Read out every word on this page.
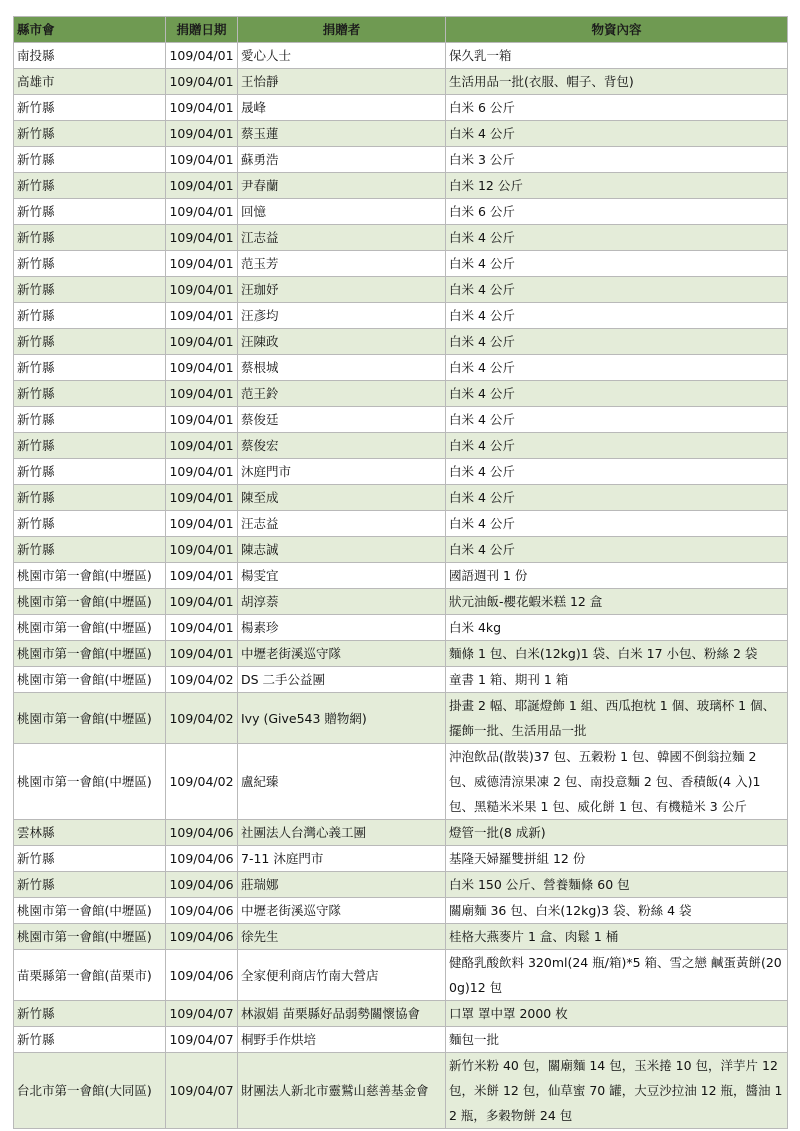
縣市會	捐贈日期	捐贈者	物資內容
南投縣	109/04/01	愛心人士	保久乳一箱
高雄市	109/04/01	王怡靜	生活用品一批(衣服、帽子、背包)
新竹縣	109/04/01	晟峰	白米 6 公斤
新竹縣	109/04/01	蔡玉蓮	白米 4 公斤
新竹縣	109/04/01	蘇勇浩	白米 3 公斤
新竹縣	109/04/01	尹春蘭	白米 12 公斤
新竹縣	109/04/01	回憶	白米 6 公斤
新竹縣	109/04/01	江志益	白米 4 公斤
新竹縣	109/04/01	范玉芳	白米 4 公斤
新竹縣	109/04/01	汪珈妤	白米 4 公斤
新竹縣	109/04/01	汪彥均	白米 4 公斤
新竹縣	109/04/01	汪陳政	白米 4 公斤
新竹縣	109/04/01	蔡根城	白米 4 公斤
新竹縣	109/04/01	范王鈴	白米 4 公斤
新竹縣	109/04/01	蔡俊廷	白米 4 公斤
新竹縣	109/04/01	蔡俊宏	白米 4 公斤
新竹縣	109/04/01	沐庭門市	白米 4 公斤
新竹縣	109/04/01	陳至成	白米 4 公斤
新竹縣	109/04/01	汪志益	白米 4 公斤
新竹縣	109/04/01	陳志誠	白米 4 公斤
桃園市第一會館(中壢區)	109/04/01	楊雯宜	國語週刊 1 份
桃園市第一會館(中壢區)	109/04/01	胡淳萘	狀元油飯-櫻花蝦米糕 12 盒
桃園市第一會館(中壢區)	109/04/01	楊素珍	白米 4kg
桃園市第一會館(中壢區)	109/04/01	中壢老街溪巡守隊	麵條 1 包、白米(12kg)1 袋、白米 17 小包、粉絲 2 袋
桃園市第一會館(中壢區)	109/04/02	DS 二手公益團	童書 1 箱、期刊 1 箱
桃園市第一會館(中壢區)	109/04/02	Ivy (Give543 贈物網)	掛畫 2 幅、耶誕燈飾 1 組、西瓜抱枕 1 個、玻璃杯 1 個、擺飾一批、生活用品一批
桃園市第一會館(中壢區)	109/04/02	盧紀臻	沖泡飲品(散裝)37 包、五穀粉 1 包、韓國不倒翁拉麵 2 包、威德清涼果凍 2 包、南投意麵 2 包、香積飯(4 入)1 包、黑糙米米果 1 包、威化餅 1 包、有機糙米 3 公斤
雲林縣	109/04/06	社團法人台灣心義工團	燈管一批(8 成新)
新竹縣	109/04/06	7-11 沐庭門市	基隆天婦羅雙拼組 12 份
新竹縣	109/04/06	莊瑞娜	白米 150 公斤、營養麵條 60 包
桃園市第一會館(中壢區)	109/04/06	中壢老街溪巡守隊	關廟麵 36 包、白米(12kg)3 袋、粉絲 4 袋
桃園市第一會館(中壢區)	109/04/06	徐先生	桂格大燕麥片 1 盒、肉鬆 1 桶
苗栗縣第一會館(苗栗市)	109/04/06	全家便利商店竹南大營店	健酪乳酸飲料 320ml(24 瓶/箱)*5 箱、雪之戀 鹹蛋黃餅(200g)12 包
新竹縣	109/04/07	林淑娟 苗栗縣好品弱勢關懷協會	口罩 罩中罩 2000 枚
新竹縣	109/04/07	桐野手作烘培	麵包一批
台北市第一會館(大同區)	109/04/07	財團法人新北市靈鷲山慈善基金會	新竹米粉 40 包，關廟麵 14 包，玉米捲 10 包，洋芋片 12 包，米餅 12 包，仙草蜜 70 罐，大豆沙拉油 12 瓶，醬油 12 瓶，多穀物餅 24 包
